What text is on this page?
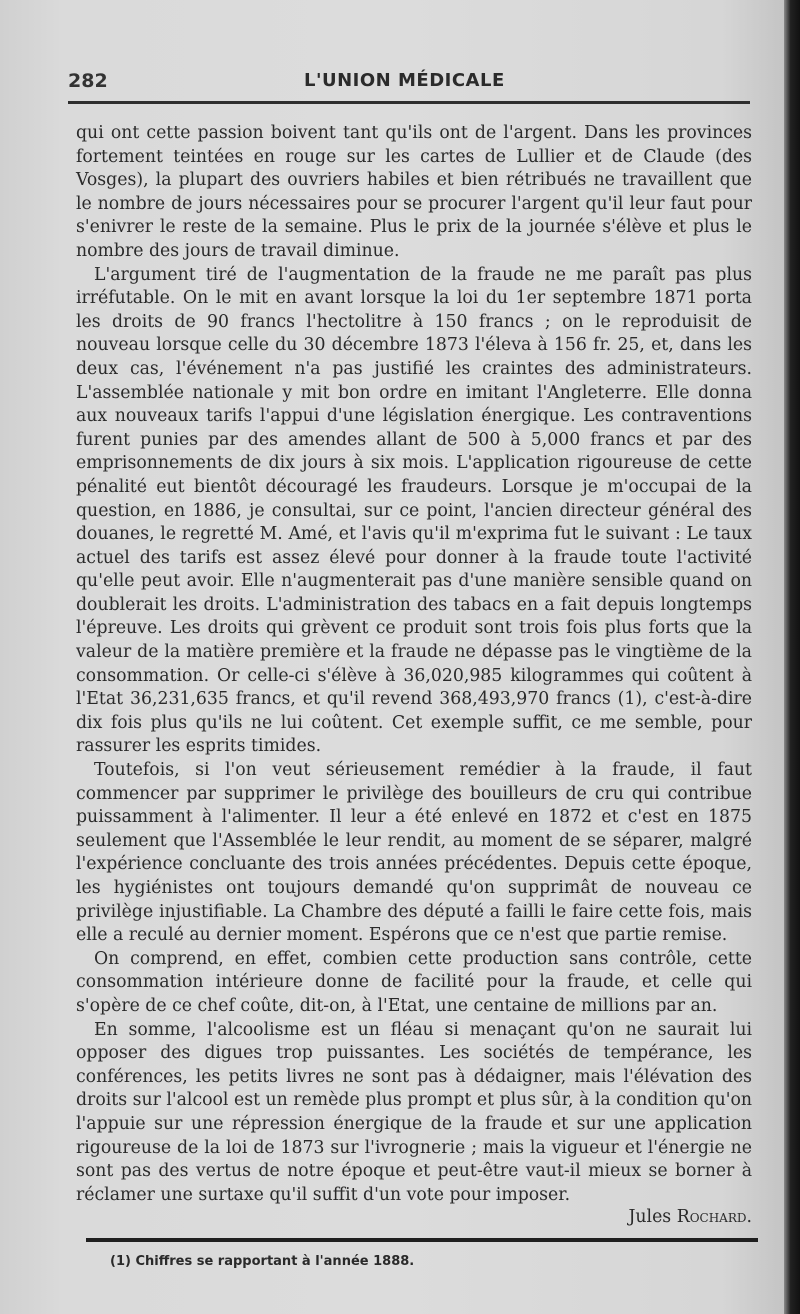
282	L'UNION MÉDICALE

qui ont cette passion boivent tant qu'ils ont de l'argent. Dans les provinces fortement teintées en rouge sur les cartes de Lullier et de Claude (des Vosges), la plupart des ouvriers habiles et bien rétribués ne travaillent que le nombre de jours nécessaires pour se procurer l'argent qu'il leur faut pour s'enivrer le reste de la semaine. Plus le prix de la journée s'élève et plus le nombre des jours de travail diminue.

L'argument tiré de l'augmentation de la fraude ne me paraît pas plus irréfutable. On le mit en avant lorsque la loi du 1er septembre 1871 porta les droits de 90 francs l'hectolitre à 150 francs ; on le reproduisit de nouveau lorsque celle du 30 décembre 1873 l'éleva à 156 fr. 25, et, dans les deux cas, l'événement n'a pas justifié les craintes des administrateurs. L'assemblée nationale y mit bon ordre en imitant l'Angleterre. Elle donna aux nouveaux tarifs l'appui d'une législation énergique. Les contraventions furent punies par des amendes allant de 500 à 5,000 francs et par des emprisonnements de dix jours à six mois. L'application rigoureuse de cette pénalité eut bientôt découragé les fraudeurs. Lorsque je m'occupai de la question, en 1886, je consultai, sur ce point, l'ancien directeur général des douanes, le regretté M. Amé, et l'avis qu'il m'exprima fut le suivant : Le taux actuel des tarifs est assez élevé pour donner à la fraude toute l'activité qu'elle peut avoir. Elle n'augmenterait pas d'une manière sensible quand on doublerait les droits. L'administration des tabacs en a fait depuis longtemps l'épreuve. Les droits qui grèvent ce produit sont trois fois plus forts que la valeur de la matière première et la fraude ne dépasse pas le vingtième de la consommation. Or celle-ci s'élève à 36,020,985 kilogrammes qui coûtent à l'Etat 36,231,635 francs, et qu'il revend 368,493,970 francs (1), c'est-à-dire dix fois plus qu'ils ne lui coûtent. Cet exemple suffit, ce me semble, pour rassurer les esprits timides.

Toutefois, si l'on veut sérieusement remédier à la fraude, il faut commencer par supprimer le privilège des bouilleurs de cru qui contribue puissamment à l'alimenter. Il leur a été enlevé en 1872 et c'est en 1875 seulement que l'Assemblée le leur rendit, au moment de se séparer, malgré l'expérience concluante des trois années précédentes. Depuis cette époque, les hygiénistes ont toujours demandé qu'on supprimât de nouveau ce privilège injustifiable. La Chambre des député a failli le faire cette fois, mais elle a reculé au dernier moment. Espérons que ce n'est que partie remise.

On comprend, en effet, combien cette production sans contrôle, cette consommation intérieure donne de facilité pour la fraude, et celle qui s'opère de ce chef coûte, dit-on, à l'Etat, une centaine de millions par an.

En somme, l'alcoolisme est un fléau si menaçant qu'on ne saurait lui opposer des digues trop puissantes. Les sociétés de tempérance, les conférences, les petits livres ne sont pas à dédaigner, mais l'élévation des droits sur l'alcool est un remède plus prompt et plus sûr, à la condition qu'on l'appuie sur une répression énergique de la fraude et sur une application rigoureuse de la loi de 1873 sur l'ivrognerie ; mais la vigueur et l'énergie ne sont pas des vertus de notre époque et peut-être vaut-il mieux se borner à réclamer une surtaxe qu'il suffit d'un vote pour imposer.

Jules Rochard.
(1) Chiffres se rapportant à l'année 1888.
